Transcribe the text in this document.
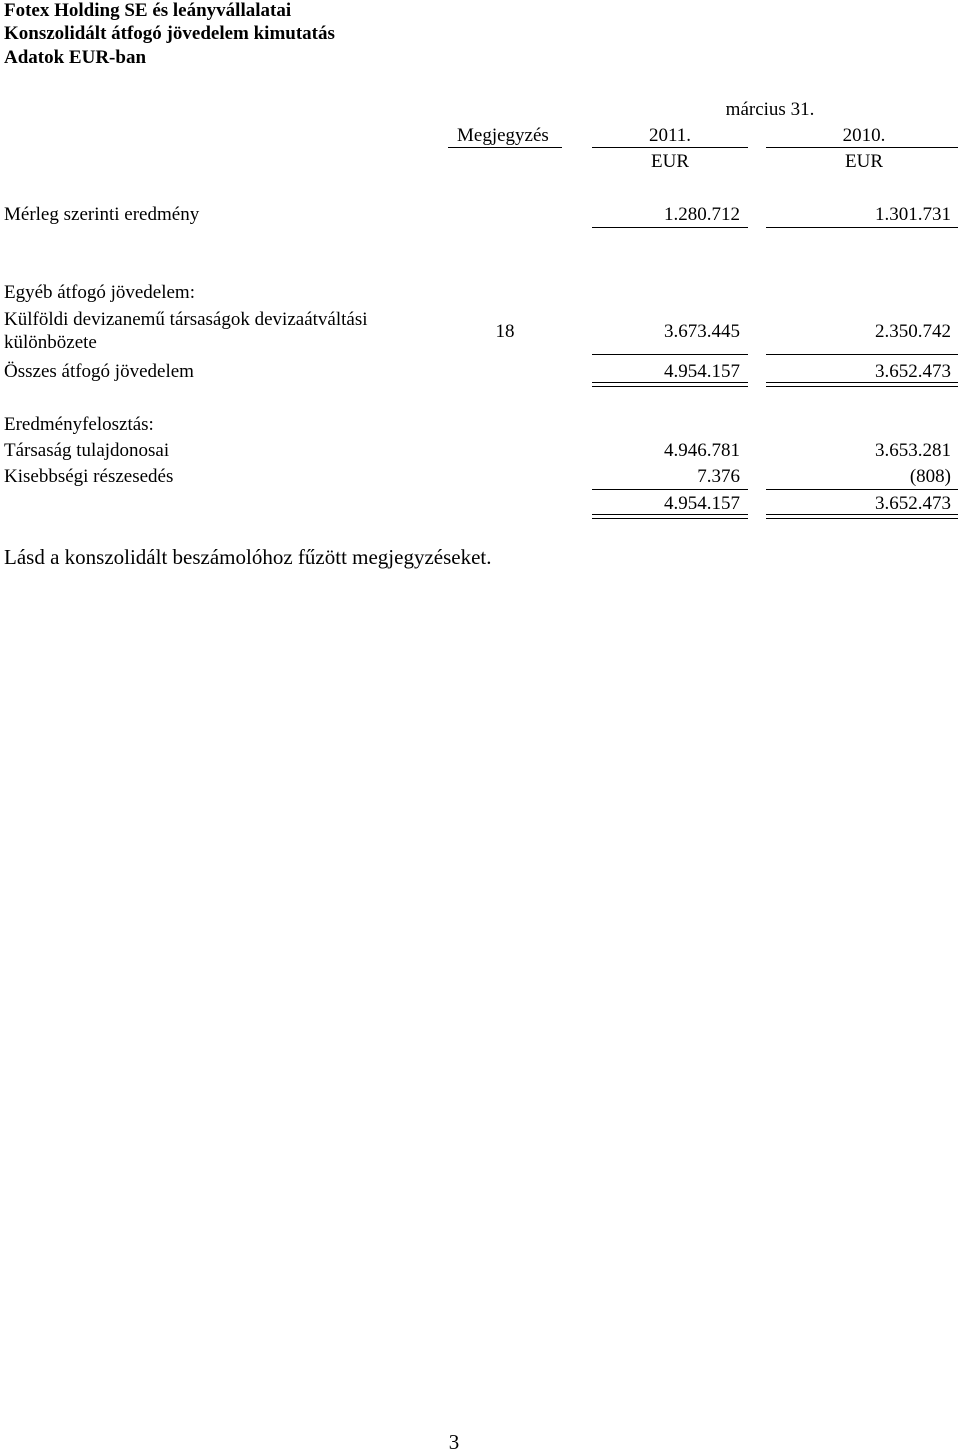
Fotex Holding SE és leányvállalatai
Konszolidált átfogó jövedelem kimutatás
Adatok EUR-ban
március 31.
Megjegyzés	2011.	2010.
EUR	EUR
Mérleg szerinti eredmény	1.280.712	1.301.731
Egyéb átfogó jövedelem:
Külföldi devizanemű társaságok devizaátváltási
különbözete
18	3.673.445	2.350.742
Összes átfogó jövedelem	4.954.157	3.652.473
Eredményfelosztás:
Társaság tulajdonosai	4.946.781	3.653.281
Kisebbségi részesedés	7.376	(808)
4.954.157	3.652.473
Lásd a konszolidált beszámolóhoz fűzött megjegyzéseket.
3
